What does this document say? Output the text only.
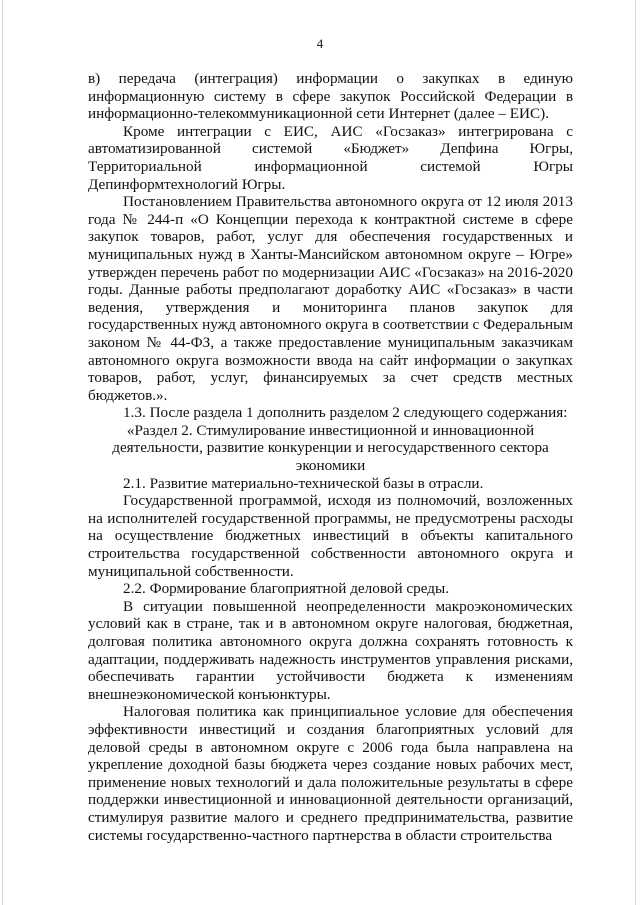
4

в) передача (интеграция) информации о закупках в единую информационную систему в сфере закупок Российской Федерации в информационно-телекоммуникационной сети Интернет (далее – ЕИС).

Кроме интеграции с ЕИС, АИС «Госзаказ» интегрирована с автоматизированной системой «Бюджет» Депфина Югры, Территориальной информационной системой Югры Депинформтехнологий Югры.

Постановлением Правительства автономного округа от 12 июля 2013 года № 244-п «О Концепции перехода к контрактной системе в сфере закупок товаров, работ, услуг для обеспечения государственных и муниципальных нужд в Ханты-Мансийском автономном округе – Югре» утвержден перечень работ по модернизации АИС «Госзаказ» на 2016-2020 годы. Данные работы предполагают доработку АИС «Госзаказ» в части ведения, утверждения и мониторинга планов закупок для государственных нужд автономного округа в соответствии с Федеральным законом № 44-ФЗ, а также предоставление муниципальным заказчикам автономного округа возможности ввода на сайт информации о закупках товаров, работ, услуг, финансируемых за счет средств местных бюджетов.».

1.3. После раздела 1 дополнить разделом 2 следующего содержания:

«Раздел 2. Стимулирование инвестиционной и инновационной деятельности, развитие конкуренции и негосударственного сектора экономики

2.1. Развитие материально-технической базы в отрасли.

Государственной программой, исходя из полномочий, возложенных на исполнителей государственной программы, не предусмотрены расходы на осуществление бюджетных инвестиций в объекты капитального строительства государственной собственности автономного округа и муниципальной собственности.

2.2. Формирование благоприятной деловой среды.

В ситуации повышенной неопределенности макроэкономических условий как в стране, так и в автономном округе налоговая, бюджетная, долговая политика автономного округа должна сохранять готовность к адаптации, поддерживать надежность инструментов управления рисками, обеспечивать гарантии устойчивости бюджета к изменениям внешнеэкономической конъюнктуры.

Налоговая политика как принципиальное условие для обеспечения эффективности инвестиций и создания благоприятных условий для деловой среды в автономном округе с 2006 года была направлена на укрепление доходной базы бюджета через создание новых рабочих мест, применение новых технологий и дала положительные результаты в сфере поддержки инвестиционной и инновационной деятельности организаций, стимулируя развитие малого и среднего предпринимательства, развитие системы государственно-частного партнерства в области строительства
